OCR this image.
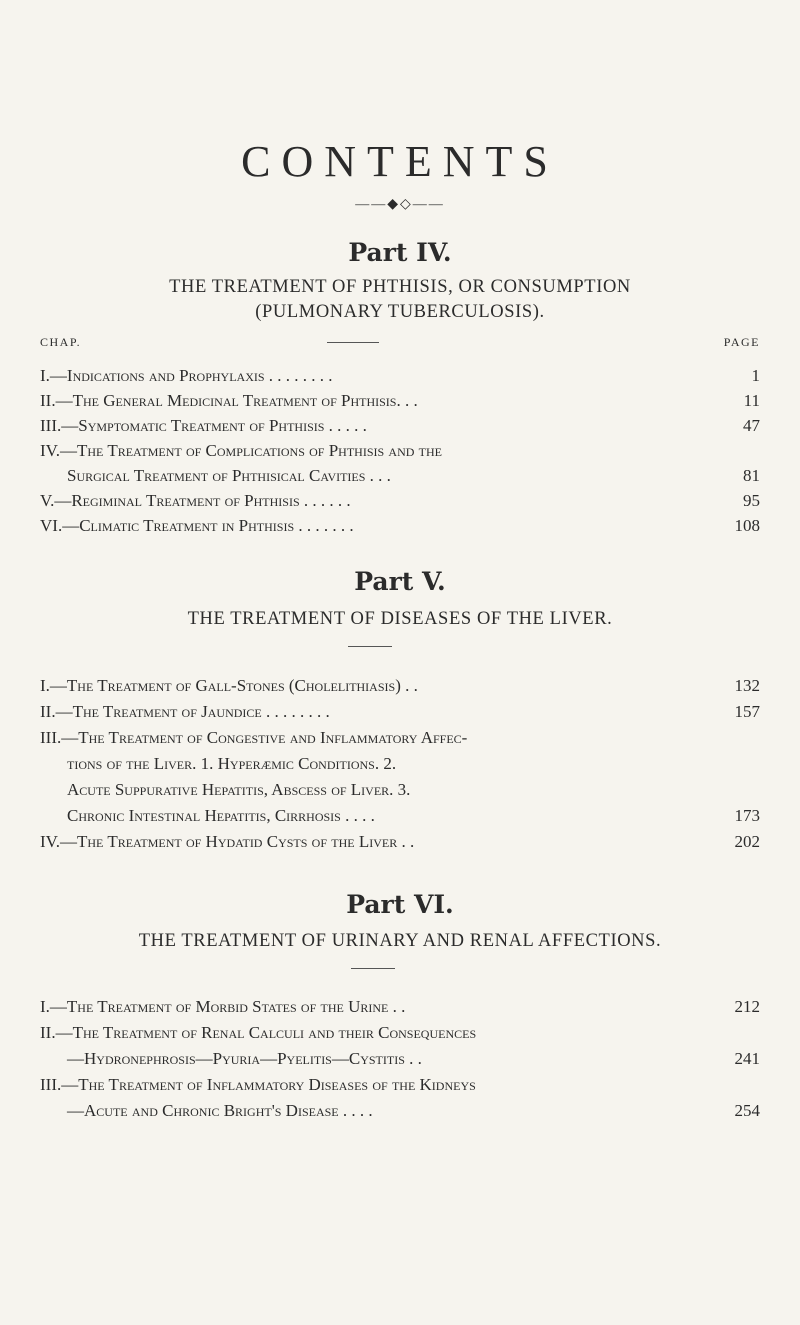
CONTENTS
——◆◇——
Part IV.
THE TREATMENT OF PHTHISIS, OR CONSUMPTION
(PULMONARY TUBERCULOSIS).
CHAP.	PAGE
I.—Indications and Prophylaxis . . . . . . . .	1
II.—The General Medicinal Treatment of Phthisis. . .	11
III.—Symptomatic Treatment of Phthisis . . . . .	47
IV.—The Treatment of Complications of Phthisis and the
Surgical Treatment of Phthisical Cavities . . .	81
V.—Regiminal Treatment of Phthisis . . . . . .	95
VI.—Climatic Treatment in Phthisis . . . . . . .	108
Part V.
THE TREATMENT OF DISEASES OF THE LIVER.
I.—The Treatment of Gall-Stones (Cholelithiasis) . .	132
II.—The Treatment of Jaundice . . . . . . . .	157
III.—The Treatment of Congestive and Inflammatory Affec-
tions of the Liver. 1. Hyperæmic Conditions. 2.
Acute Suppurative Hepatitis, Abscess of Liver. 3.
Chronic Intestinal Hepatitis, Cirrhosis . . . .	173
IV.—The Treatment of Hydatid Cysts of the Liver . .	202
Part VI.
THE TREATMENT OF URINARY AND RENAL AFFECTIONS.
I.—The Treatment of Morbid States of the Urine . .	212
II.—The Treatment of Renal Calculi and their Consequences
—Hydronephrosis—Pyuria—Pyelitis—Cystitis . .	241
III.—The Treatment of Inflammatory Diseases of the Kidneys
—Acute and Chronic Bright's Disease . . . .	254
